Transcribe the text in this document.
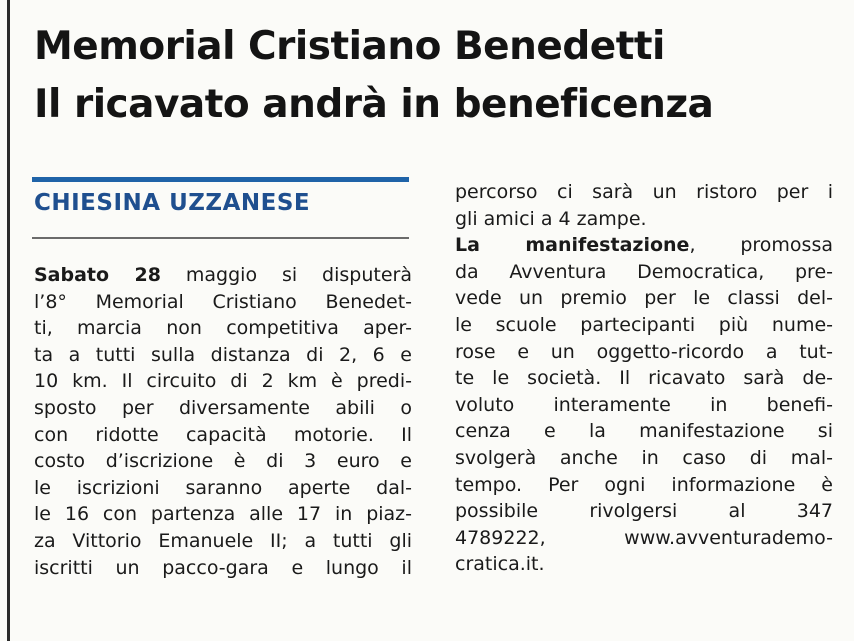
Memorial Cristiano Benedetti
Il ricavato andrà in beneficenza
CHIESINA UZZANESE
Sabato 28 maggio si disputerà
l’8° Memorial Cristiano Benedet-
ti, marcia non competitiva aper-
ta a tutti sulla distanza di 2, 6 e
10 km. Il circuito di 2 km è predi-
sposto per diversamente abili o
con ridotte capacità motorie. Il
costo d’iscrizione è di 3 euro e
le iscrizioni saranno aperte dal-
le 16 con partenza alle 17 in piaz-
za Vittorio Emanuele II; a tutti gli
iscritti un pacco-gara e lungo il
percorso ci sarà un ristoro per i
gli amici a 4 zampe.
La manifestazione, promossa
da Avventura Democratica, pre-
vede un premio per le classi del-
le scuole partecipanti più nume-
rose e un oggetto-ricordo a tut-
te le società. Il ricavato sarà de-
voluto interamente in benefi-
cenza e la manifestazione si
svolgerà anche in caso di mal-
tempo. Per ogni informazione è
possibile rivolgersi al 347
4789222, www.avventurademo-
cratica.it.
